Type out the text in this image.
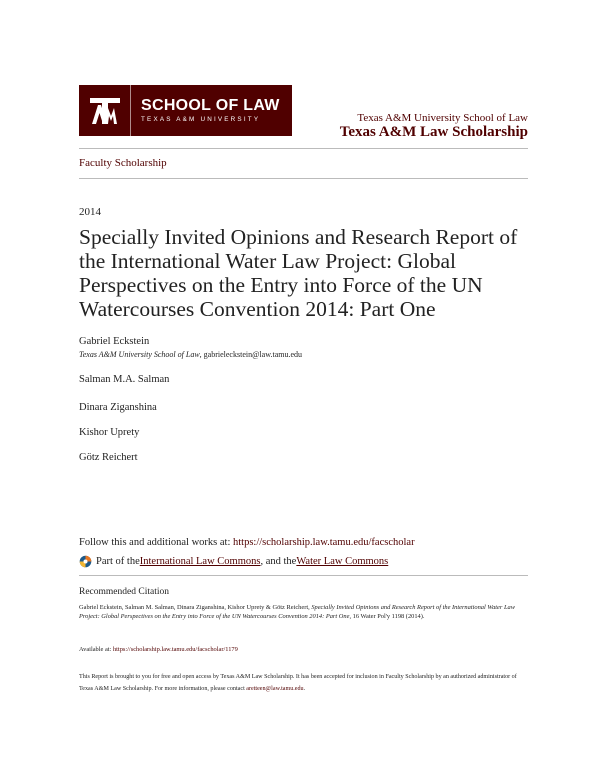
SCHOOL OF LAW
TEXAS A&M UNIVERSITY	Texas A&M University School of Law
Texas A&M Law Scholarship
Faculty Scholarship
2014
Specially Invited Opinions and Research Report of the International Water Law Project: Global Perspectives on the Entry into Force of the UN Watercourses Convention 2014: Part One
Gabriel Eckstein
Texas A&M University School of Law, gabrieleckstein@law.tamu.edu
Salman M.A. Salman
Dinara Ziganshina
Kishor Uprety
Götz Reichert
Follow this and additional works at: https://scholarship.law.tamu.edu/facscholar
Part of the International Law Commons , and the Water Law Commons
Recommended Citation
Gabriel Eckstein, Salman M. Salman, Dinara Ziganshina, Kishor Uprety & Götz Reichert, Specially Invited Opinions and Research Report of the International Water Law Project: Global Perspectives on the Entry into Force of the UN Watercourses Convention 2014: Part One, 16 Water Pol'y 1198 (2014).
Available at: https://scholarship.law.tamu.edu/facscholar/1179
This Report is brought to you for free and open access by Texas A&M Law Scholarship. It has been accepted for inclusion in Faculty Scholarship by an authorized administrator of Texas A&M Law Scholarship. For more information, please contact aretteen@law.tamu.edu.
